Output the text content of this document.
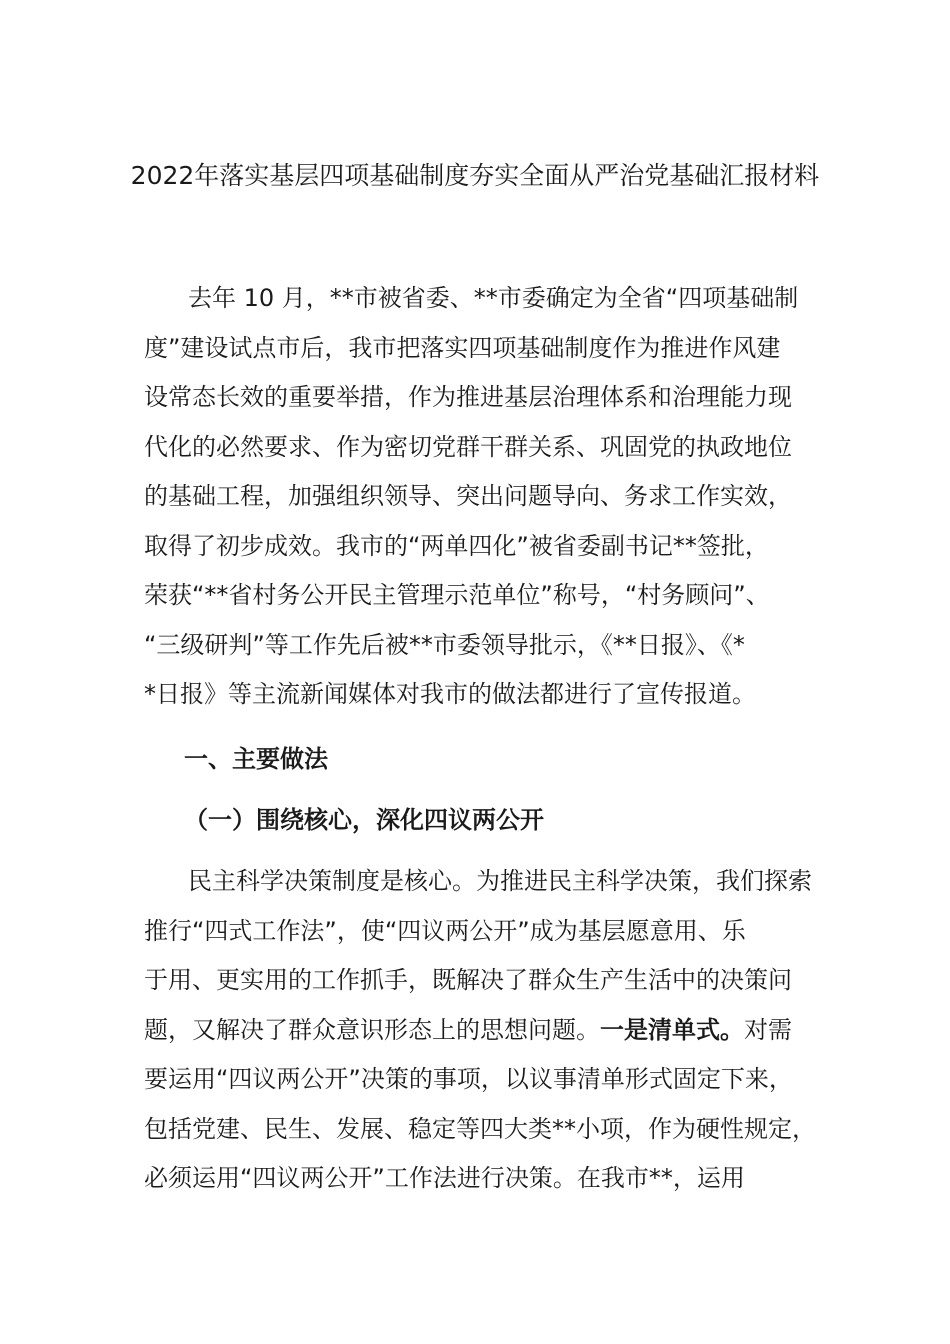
2022年落实基层四项基础制度夯实全面从严治党基础汇报材料
去年 10 月，**市被省委、**市委确定为全省“四项基础制
度”建设试点市后，我市把落实四项基础制度作为推进作风建
设常态长效的重要举措，作为推进基层治理体系和治理能力现
代化的必然要求、作为密切党群干群关系、巩固党的执政地位
的基础工程，加强组织领导、突出问题导向、务求工作实效，
取得了初步成效。我市的“两单四化”被省委副书记**签批，
荣获“**省村务公开民主管理示范单位”称号，“村务顾问”、
“三级研判”等工作先后被**市委领导批示，《**日报》、《*
*日报》等主流新闻媒体对我市的做法都进行了宣传报道。
一、主要做法
（一）围绕核心，深化四议两公开
民主科学决策制度是核心。为推进民主科学决策，我们探索
推行“四式工作法”，使“四议两公开”成为基层愿意用、乐
于用、更实用的工作抓手，既解决了群众生产生活中的决策问
题，又解决了群众意识形态上的思想问题。一是清单式。对需
要运用“四议两公开”决策的事项，以议事清单形式固定下来，
包括党建、民生、发展、稳定等四大类**小项，作为硬性规定，
必须运用“四议两公开”工作法进行决策。在我市**，运用
